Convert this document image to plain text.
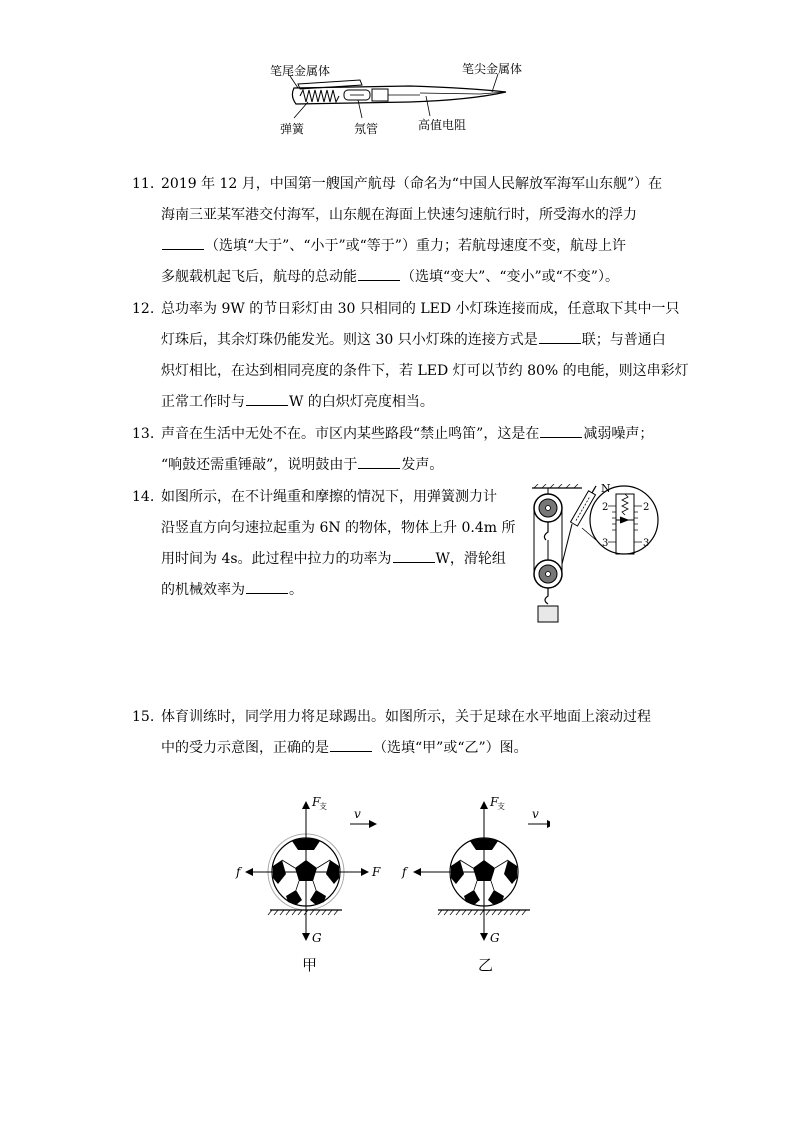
笔尾金属体	笔尖金属体
弹簧	氖管	高值电阻
11. 2019 年 12 月，中国第一艘国产航母（命名为“中国人民解放军海军山东舰”）在
海南三亚某军港交付海军，山东舰在海面上快速匀速航行时，所受海水的浮力
（选填“大于”、“小于”或“等于”）重力；若航母速度不变，航母上许
多舰载机起飞后，航母的总动能	（选填“变大”、“变小”或“不变”）。
12. 总功率为 9W 的节日彩灯由 30 只相同的 LED 小灯珠连接而成，任意取下其中一只
灯珠后，其余灯珠仍能发光。则这 30 只小灯珠的连接方式是	联；与普通白
炽灯相比，在达到相同亮度的条件下，若 LED 灯可以节约 80% 的电能，则这串彩灯
正常工作时与	W 的白炽灯亮度相当。
13. 声音在生活中无处不在。市区内某些路段“禁止鸣笛”，这是在	减弱噪声；
“响鼓还需重锤敲”，说明鼓由于	发声。
14. 如图所示，在不计绳重和摩擦的情况下，用弹簧测力计
沿竖直方向匀速拉起重为 6N 的物体，物体上升 0.4m 所
用时间为 4s。此过程中拉力的功率为	W，滑轮组
的机械效率为	。
N
2	2
3	3
15. 体育训练时，同学用力将足球踢出。如图所示，关于足球在水平地面上滚动过程
中的受力示意图，正确的是	（选填“甲”或“乙”）图。
F
支
v
f	F
G
F
支
v
f
G
甲	乙
